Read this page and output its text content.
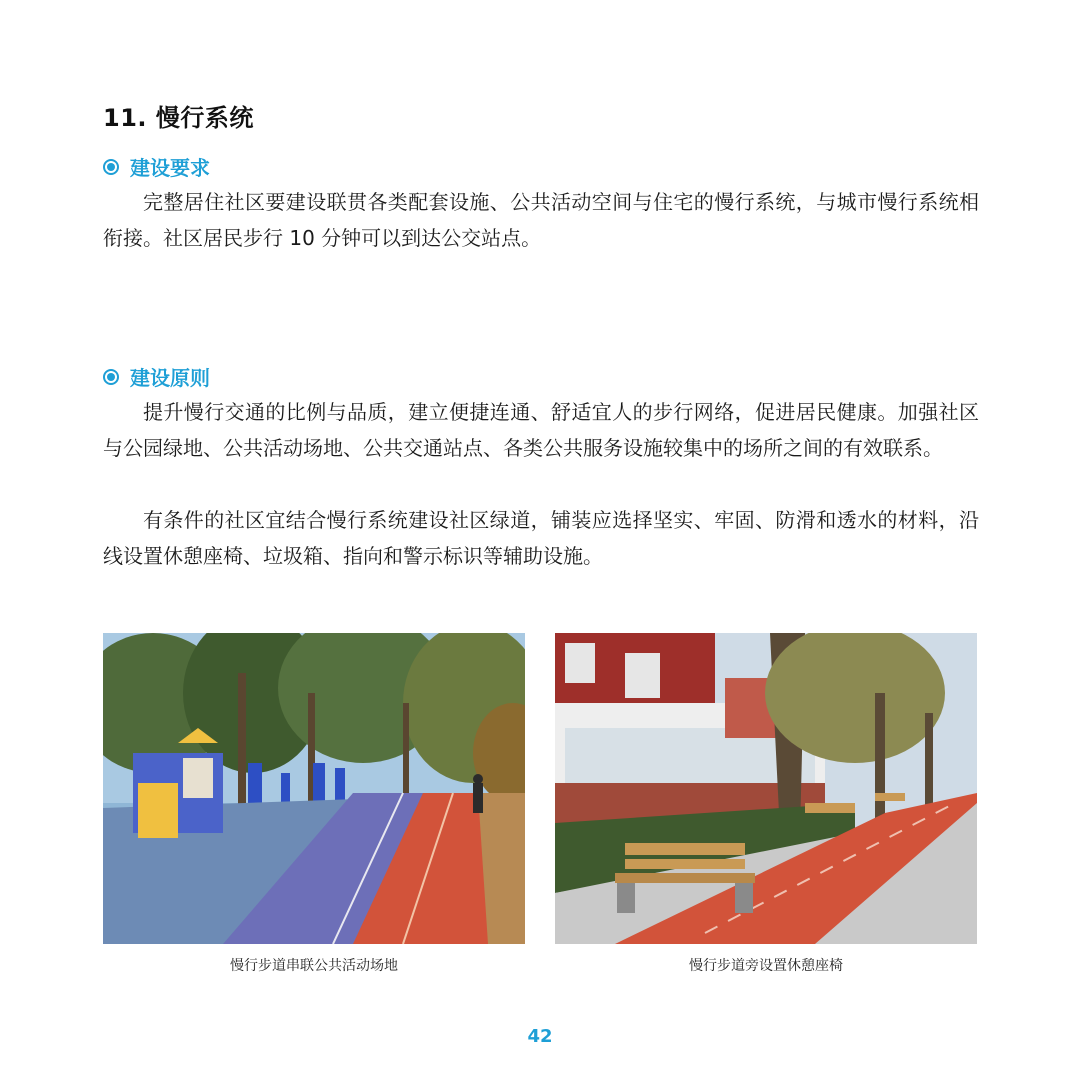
11. 慢行系统
建设要求

完整居住社区要建设联贯各类配套设施、公共活动空间与住宅的慢行系统，与城市慢行系统相衔接。社区居民步行 10 分钟可以到达公交站点。

建设原则

提升慢行交通的比例与品质，建立便捷连通、舒适宜人的步行网络，促进居民健康。加强社区与公园绿地、公共活动场地、公共交通站点、各类公共服务设施较集中的场所之间的有效联系。

有条件的社区宜结合慢行系统建设社区绿道，铺装应选择坚实、牢固、防滑和透水的材料，沿线设置休憩座椅、垃圾箱、指向和警示标识等辅助设施。

慢行步道串联公共活动场地	慢行步道旁设置休憩座椅
42
